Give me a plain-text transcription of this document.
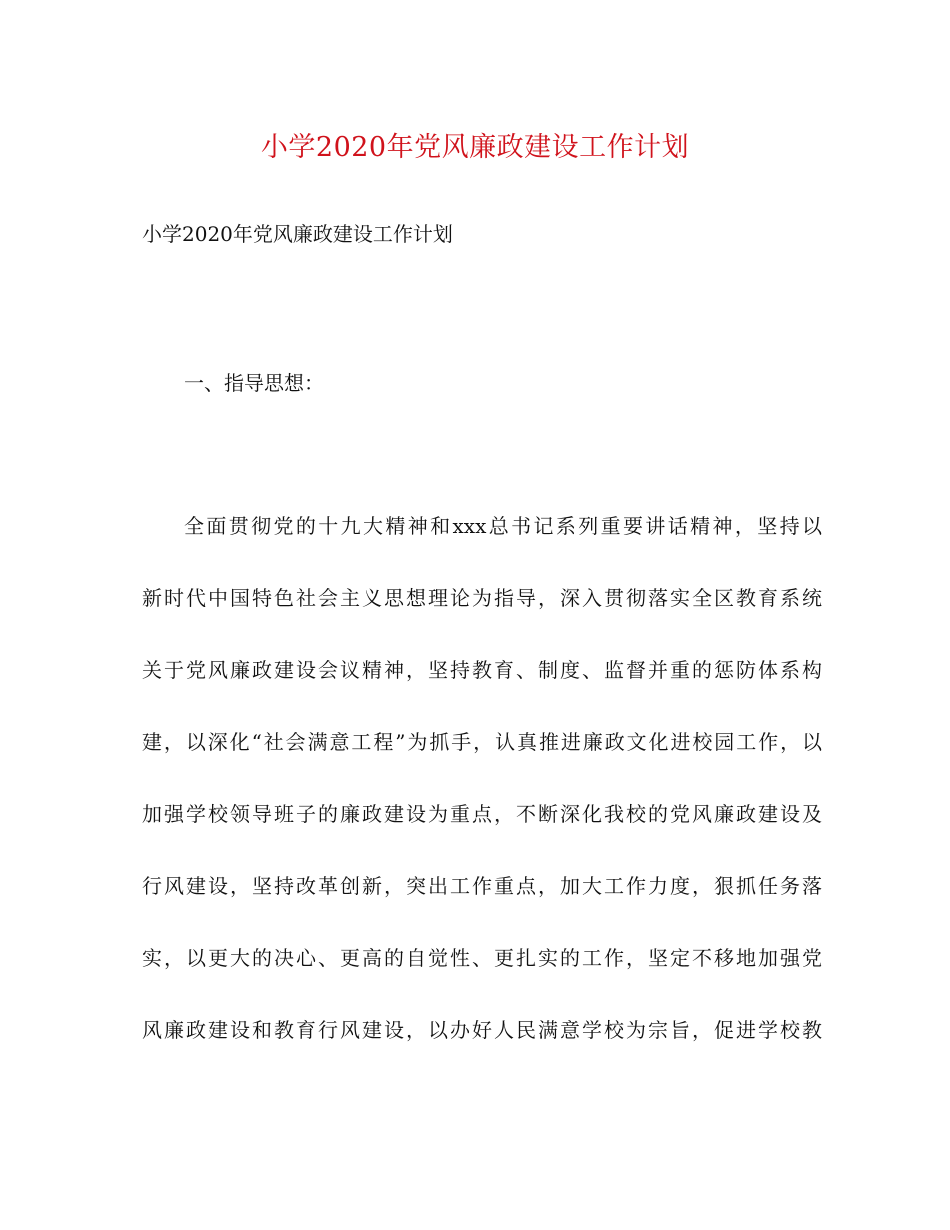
小学2020年党风廉政建设工作计划
小学2020年党风廉政建设工作计划
一、指导思想：
全面贯彻党的十九大精神和xxx总书记系列重要讲话精神，坚持以
新时代中国特色社会主义思想理论为指导，深入贯彻落实全区教育系统
关于党风廉政建设会议精神，坚持教育、制度、监督并重的惩防体系构
建，以深化“社会满意工程”为抓手，认真推进廉政文化进校园工作，以
加强学校领导班子的廉政建设为重点，不断深化我校的党风廉政建设及
行风建设，坚持改革创新，突出工作重点，加大工作力度，狠抓任务落
实，以更大的决心、更高的自觉性、更扎实的工作，坚定不移地加强党
风廉政建设和教育行风建设，以办好人民满意学校为宗旨，促进学校教
